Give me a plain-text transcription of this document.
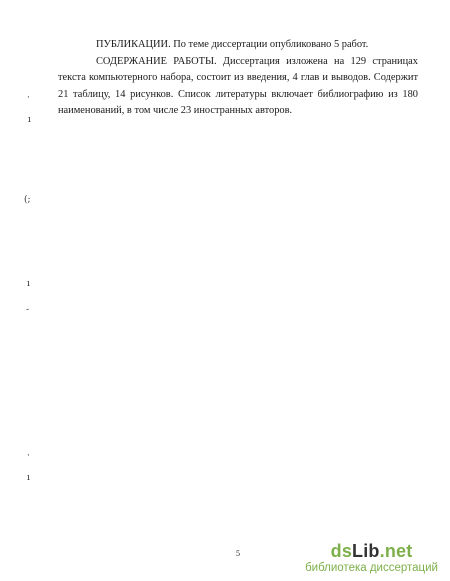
ПУБЛИКАЦИИ. По теме диссертации опубликовано 5 работ.

СОДЕРЖАНИЕ РАБОТЫ. Диссертация изложена на 129 страницах текста компьютерного набора, состоит из введения, 4 глав и выводов. Содержит 21 таблицу, 14 рисунков. Список литературы включает библиографию из 180 наименований, в том числе 23 иностранных авторов.

·
ı
(;
ı
-
·
ı
5	dsLib.net
библиотека диссертаций
